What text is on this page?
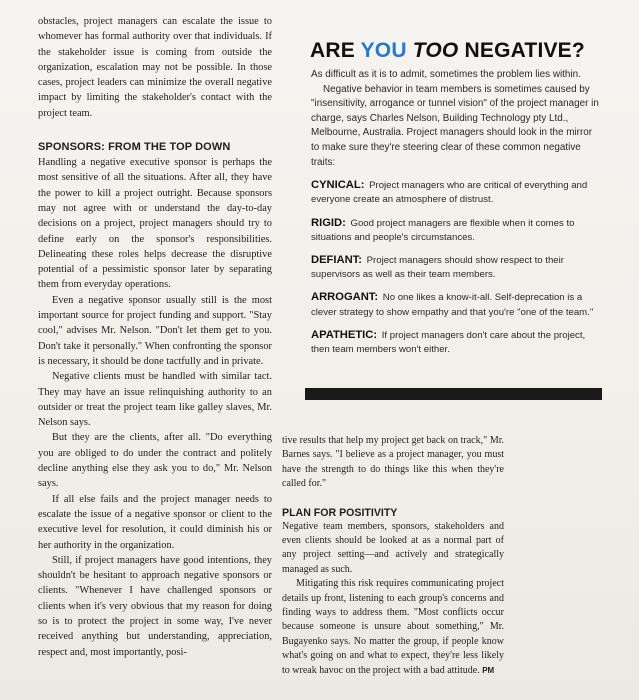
obstacles, project managers can escalate the issue to whomever has formal authority over that individuals. If the stakeholder issue is coming from outside the organization, escalation may not be possible. In those cases, project leaders can minimize the overall negative impact by limiting the stakeholder's contact with the project team.

SPONSORS: FROM THE TOP DOWN

Handling a negative executive sponsor is perhaps the most sensitive of all the situations. After all, they have the power to kill a project outright. Because sponsors may not agree with or understand the day-to-day decisions on a project, project managers should try to define early on the sponsor's responsibilities. Delineating these roles helps decrease the disruptive potential of a pessimistic sponsor later by separating them from everyday operations.

Even a negative sponsor usually still is the most important source for project funding and support. "Stay cool," advises Mr. Nelson. "Don't let them get to you. Don't take it personally." When confronting the sponsor is necessary, it should be done tactfully and in private.

Negative clients must be handled with similar tact. They may have an issue relinquishing authority to an outsider or treat the project team like galley slaves, Mr. Nelson says.

But they are the clients, after all. "Do everything you are obliged to do under the contract and politely decline anything else they ask you to do," Mr. Nelson says.

If all else fails and the project manager needs to escalate the issue of a negative sponsor or client to the executive level for resolution, it could diminish his or her authority in the organization.

Still, if project managers have good intentions, they shouldn't be hesitant to approach negative sponsors or clients. "Whenever I have challenged sponsors or clients when it's very obvious that my reason for doing so is to protect the project in some way, I've never received anything but understanding, appreciation, respect and, most importantly, posi-

ARE YOU TOO NEGATIVE?
As difficult as it is to admit, sometimes the problem lies within.
Negative behavior in team members is sometimes caused by "insensitivity, arrogance or tunnel vision" of the project manager in charge, says Charles Nelson, Building Technology pty Ltd., Melbourne, Australia. Project managers should look in the mirror to make sure they're steering clear of these common negative traits:
CYNICAL: Project managers who are critical of everything and everyone create an atmosphere of distrust.
RIGID: Good project managers are flexible when it comes to situations and people's circumstances.
DEFIANT: Project managers should show respect to their supervisors as well as their team members.
ARROGANT: No one likes a know-it-all. Self-deprecation is a clever strategy to show empathy and that you're "one of the team."
APATHETIC: If project managers don't care about the project, then team members won't either.

tive results that help my project get back on track," Mr. Barnes says. "I believe as a project manager, you must have the strength to do things like this when they're called for."

PLAN FOR POSITIVITY

Negative team members, sponsors, stakeholders and even clients should be looked at as a normal part of any project setting—and actively and strategically managed as such.

Mitigating this risk requires communicating project details up front, listening to each group's concerns and finding ways to address them. "Most conflicts occur because someone is unsure about something," Mr. Bugayenko says. No matter the group, if people know what's going on and what to expect, they're less likely to wreak havoc on the project with a bad attitude. PM
